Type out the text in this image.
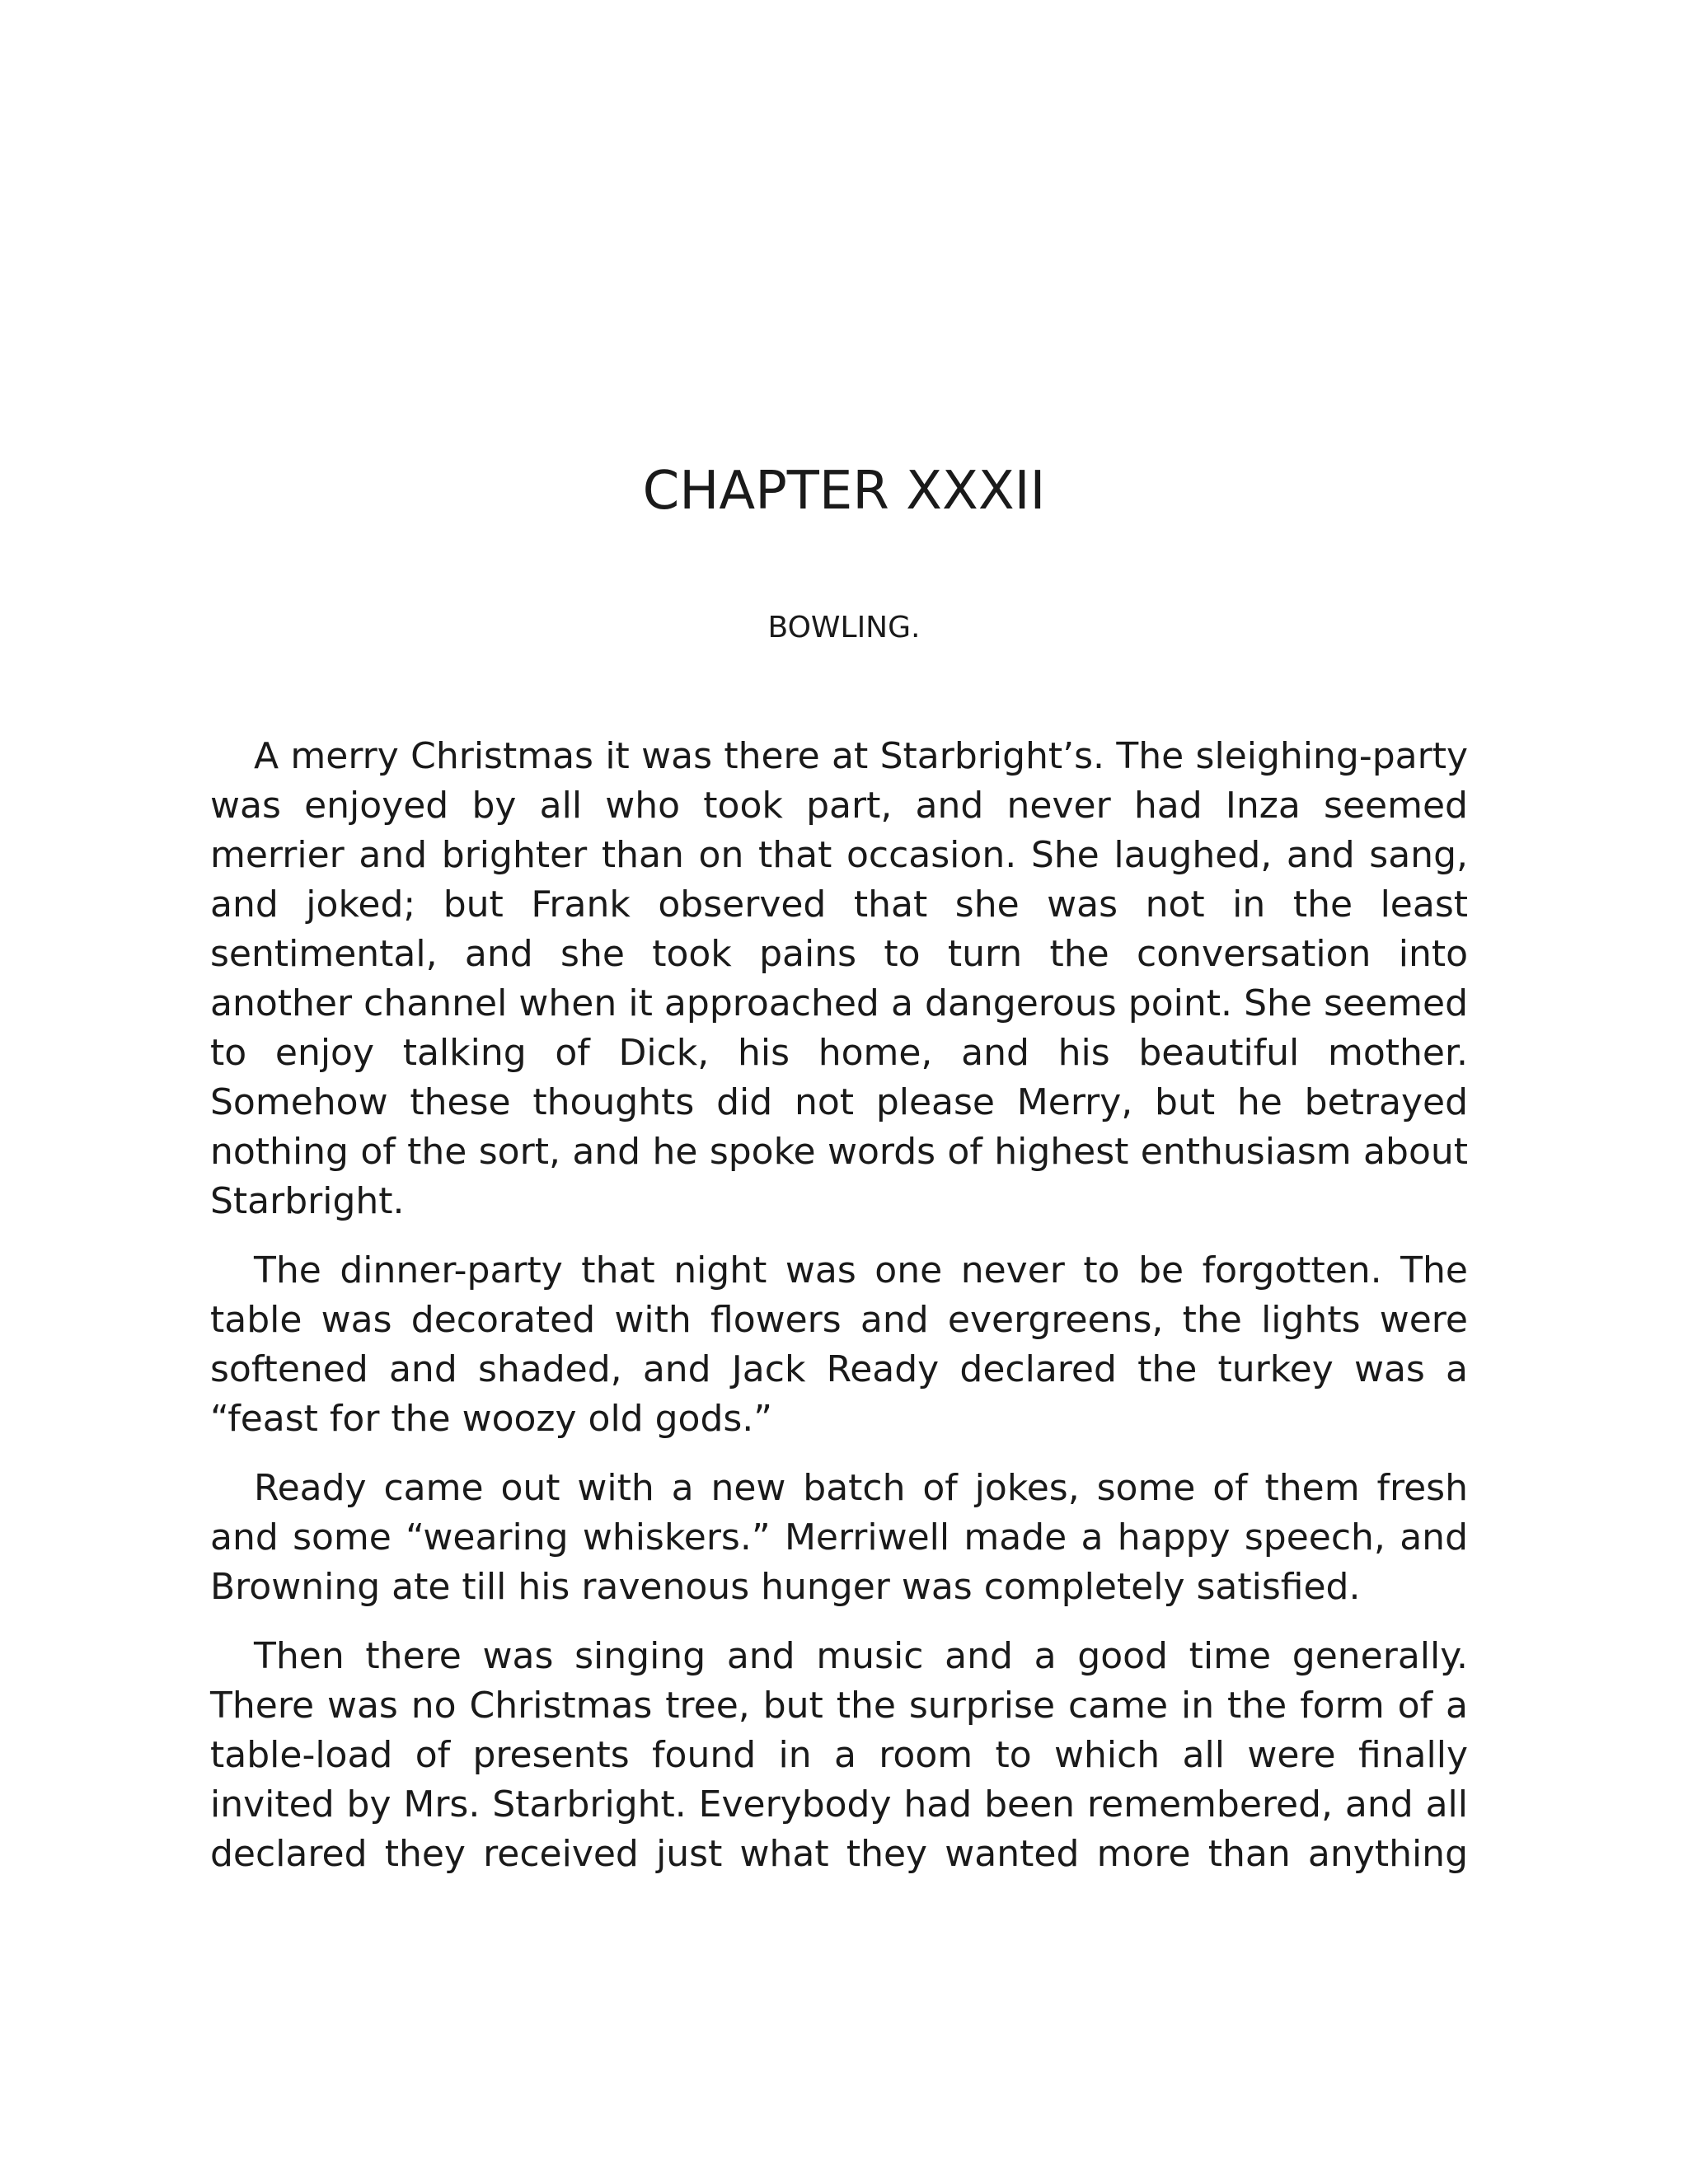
CHAPTER XXXII
BOWLING.

A merry Christmas it was there at Starbright’s. The sleighing-party was enjoyed by all who took part, and never had Inza seemed merrier and brighter than on that occasion. She laughed, and sang, and joked; but Frank observed that she was not in the least sentimental, and she took pains to turn the conversation into another channel when it approached a dangerous point. She seemed to enjoy talking of Dick, his home, and his beautiful mother. Somehow these thoughts did not please Merry, but he betrayed nothing of the sort, and he spoke words of highest enthusiasm about Starbright.

The dinner-party that night was one never to be forgotten. The table was decorated with flowers and evergreens, the lights were softened and shaded, and Jack Ready declared the turkey was a “feast for the woozy old gods.”

Ready came out with a new batch of jokes, some of them fresh and some “wearing whiskers.” Merriwell made a happy speech, and Browning ate till his ravenous hunger was completely satisfied.

Then there was singing and music and a good time generally. There was no Christmas tree, but the surprise came in the form of a table-load of presents found in a room to which all were finally invited by Mrs. Starbright. Everybody had been remembered, and all declared they received just what they wanted more than anything
